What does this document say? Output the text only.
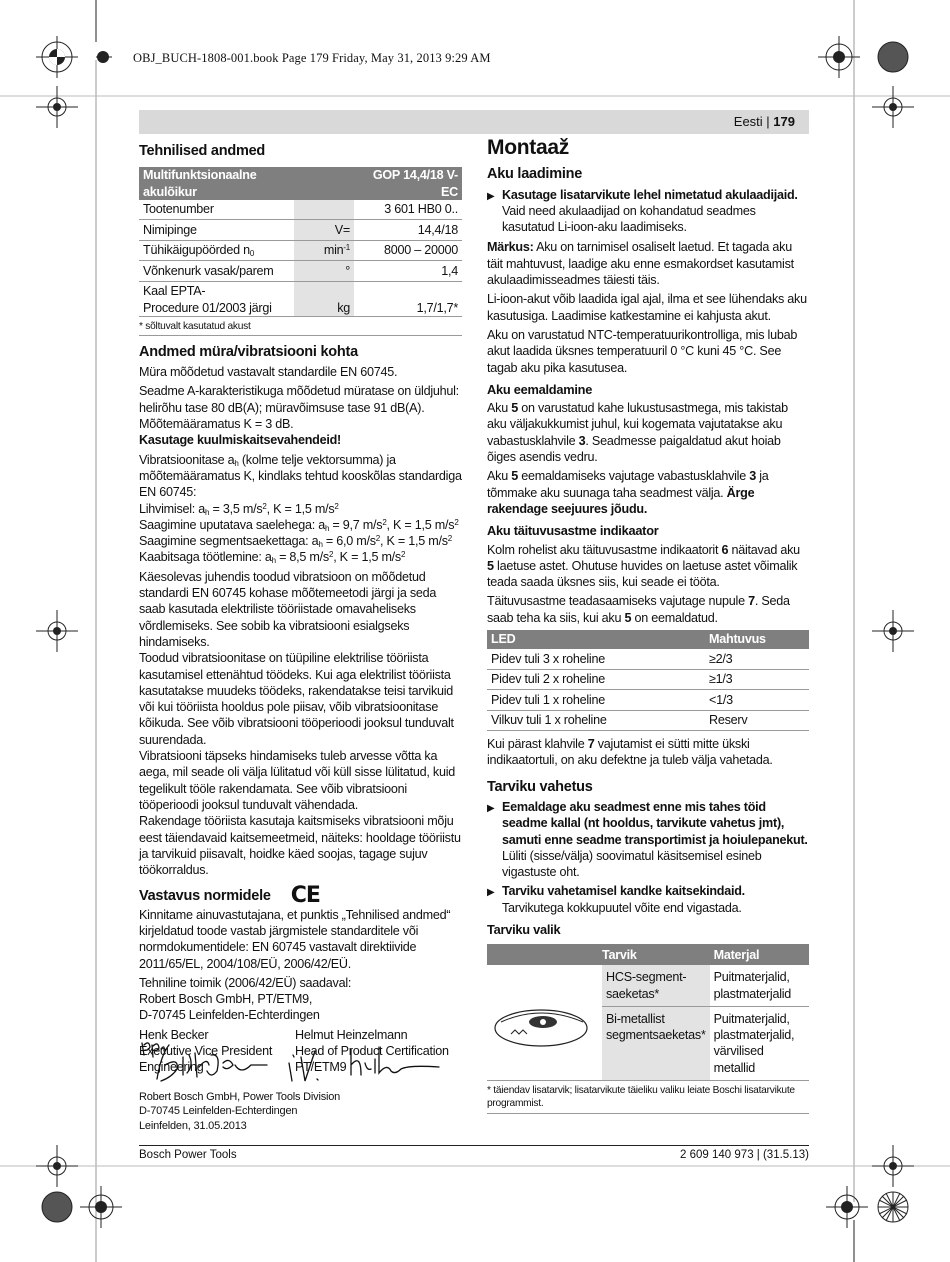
OBJ_BUCH-1808-001.book Page 179 Friday, May 31, 2013 9:29 AM
Eesti | 179
Tehnilised andmed
Multifunktsionaalne akulõikur		GOP 14,4/18 V-EC
Tootenumber		3 601 HB0 0..
Nimipinge	V=	14,4/18
Tühikäigupöörded $n_0$	$\min^{-1}$	8000 – 20000
Võnkenurk vasak/parem	°	1,4

Kaal EPTA-
Procedure 01/2003 järgi	kg	1,7/1,7*
* sõltuvalt kasutatud akust
Andmed müra/vibratsiooni kohta

Müra mõõdetud vastavalt standardile EN 60745.

Seadme A-karakteristikuga mõõdetud müratase on üldjuhul: helirõhu tase 80 dB(A); müravõimsuse tase 91 dB(A). Mõõtemääramatus K = 3 dB.

Kasutage kuulmiskaitsevahendeid!

Vibratsioonitase $a_h$ (kolme telje vektorsumma) ja mõõtemääramatus K, kindlaks tehtud kooskõlas standardiga EN 60745:
Lihvimisel: $a_h = 3,5$ $m/s^2$, K = 1,5 $m/s^2$
Saagimine uputatava saelehega: $a_h = 9,7$ $m/s^2$, K = 1,5 $m/s^2$
Saagimine segmentsaekettaga: $a_h = 6,0$ $m/s^2$, K = 1,5 $m/s^2$
Kaabitsaga töötlemine: $a_h = 8,5$ $m/s^2$, K = 1,5 $m/s^2$

Käesolevas juhendis toodud vibratsioon on mõõdetud standardi EN 60745 kohase mõõtemeetodi järgi ja seda saab kasutada elektriliste tööriistade omavaheliseks võrdlemiseks. See sobib ka vibratsiooni esialgseks hindamiseks.

Toodud vibratsioonitase on tüüpiline elektrilise tööriista kasutamisel ettenähtud töödeks. Kui aga elektrilist tööriista kasutatakse muudeks töödeks, rakendatakse teisi tarvikuid või kui tööriista hooldus pole piisav, võib vibratsioonitase kõikuda. See võib vibratsiooni tööperioodi jooksul tunduvalt suurendada.

Vibratsiooni täpseks hindamiseks tuleb arvesse võtta ka aega, mil seade oli välja lülitatud või küll sisse lülitatud, kuid tegelikult tööle rakendamata. See võib vibratsiooni tööperioodi jooksul tunduvalt vähendada.

Rakendage tööriista kasutaja kaitsmiseks vibratsiooni mõju eest täiendavaid kaitsemeetmeid, näiteks: hooldage tööriistu ja tarvikuid piisavalt, hoidke käed soojas, tagage sujuv töökorraldus.

Vastavus normidele CE

Kinnitame ainuvastutajana, et punktis „Tehnilised andmed“ kirjeldatud toode vastab järgmistele standarditele või normdokumentidele: EN 60745 vastavalt direktiivide 2011/65/EL, 2004/108/EÜ, 2006/42/EÜ.

Tehniline toimik (2006/42/EÜ) saadaval:
Robert Bosch GmbH, PT/ETM9,
D-70745 Leinfelden-Echterdingen

Henk Becker
Executive Vice President
Engineering
Helmut Heinzelmann
Head of Product Certification
PT/ETM9
Robert Bosch GmbH, Power Tools Division
D-70745 Leinfelden-Echterdingen
Leinfelden, 31.05.2013
Montaaž
Aku laadimine
▶ Kasutage lisatarvikute lehel nimetatud akulaadijaid. Vaid need akulaadijad on kohandatud seadmes kasutatud Li-ioon-aku laadimiseks.

Märkus: Aku on tarnimisel osaliselt laetud. Et tagada aku täit mahtuvust, laadige aku enne esmakordset kasutamist akulaadimisseadmes täiesti täis.

Li-ioon-akut võib laadida igal ajal, ilma et see lühendaks aku kasutusiga. Laadimise katkestamine ei kahjusta akut.

Aku on varustatud NTC-temperatuurikontrolliga, mis lubab akut laadida üksnes temperatuuril 0 °C kuni 45 °C. See tagab aku pika kasutusea.

Aku eemaldamine

Aku 5 on varustatud kahe lukustusastmega, mis takistab aku väljakukkumist juhul, kui kogemata vajutatakse aku vabastusklahvile 3. Seadmesse paigaldatud akut hoiab õiges asendis vedru.

Aku 5 eemaldamiseks vajutage vabastusklahvile 3 ja tõmmake aku suunaga taha seadmest välja. Ärge rakendage seejuures jõudu.

Aku täituvusastme indikaator

Kolm rohelist aku täituvusastme indikaatorit 6 näitavad aku 5 laetuse astet. Ohutuse huvides on laetuse astet võimalik teada saada üksnes siis, kui seade ei tööta.

Täituvusastme teadasaamiseks vajutage nupule 7. Seda saab teha ka siis, kui aku 5 on eemaldatud.

LED	Mahtuvus
Pidev tuli 3 x roheline	≥2/3
Pidev tuli 2 x roheline	≥1/3
Pidev tuli 1 x roheline	<1/3
Vilkuv tuli 1 x roheline	Reserv

Kui pärast klahvile 7 vajutamist ei sütti mitte ükski indikaatortuli, on aku defektne ja tuleb välja vahetada.

Tarviku vahetus
▶ Eemaldage aku seadmest enne mis tahes töid seadme kallal (nt hooldus, tarvikute vahetus jmt), samuti enne seadme transportimist ja hoiulepanekut. Lüliti (sisse/välja) soovimatul käsitsemisel esineb vigastuste oht.
▶ Tarviku vahetamisel kandke kaitsekindaid. Tarvikutega kokkupuutel võite end vigastada.
Tarviku valik
	Tarvik	Materjal
	HCS-segment-saeketas*	Puitmaterjalid, plastmaterjalid
	Bi-metallist segmentsaeketas*	Puitmaterjalid, plastmaterjalid, värvilised metallid
* täiendav lisatarvik; lisatarvikute täieliku valiku leiate Boschi lisatarvikute programmist.
Bosch Power Tools	2 609 140 973 | (31.5.13)
